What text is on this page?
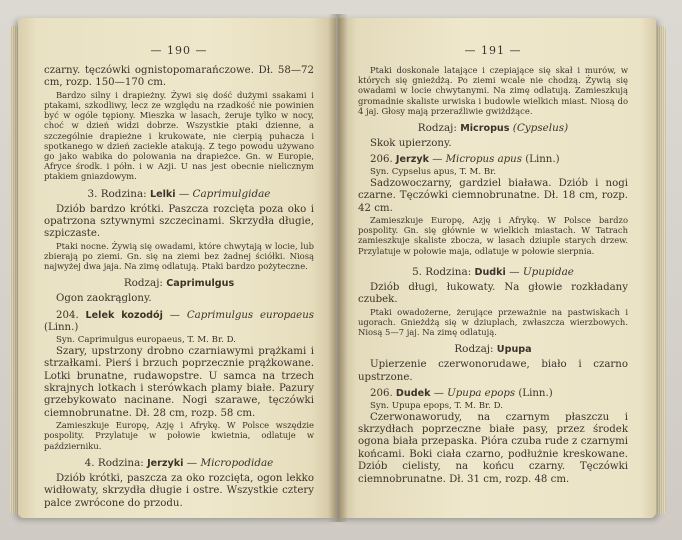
— 190 —

czarny. tęczówki ognistopomarańczowe. Dł. 58—72 cm, rozp. 150—170 cm.

Bardzo silny i drapieżny. Żywi się dość dużymi ssakami i ptakami, szkodliwy, lecz ze względu na rzadkość nie powinien być w ogóle tępiony. Mieszka w lasach, żeruje tylko w nocy, choć w dzień widzi dobrze. Wszystkie ptaki dzienne, a szczególnie drapieżne i krukowate, nie cierpią puhacza i spotkanego w dzień zaciekle atakują. Z tego powodu używano go jako wabika do polowania na drapieżce. Gn. w Europie, Afryce środk. i półn. i w Azji. U nas jest obecnie nielicznym ptakiem gniazdowym.

3. Rodzina: Lelki — Caprimulgidae

Dziób bardzo krótki. Paszcza rozcięta poza oko i opatrzona sztywnymi szczecinami. Skrzydła długie, szpiczaste.

Ptaki nocne. Żywią się owadami, które chwytają w locie, lub zbierają po ziemi. Gn. się na ziemi bez żadnej ściółki. Niosą najwyżej dwa jaja. Na zimę odlatują. Ptaki bardzo pożyteczne.

Rodzaj: Caprimulgus

Ogon zaokrąglony.

204. Lelek kozodój — Caprimulgus europaeus (Linn.)

Syn. Caprimulgus europaeus, T. M. Br. D.

Szary, upstrzony drobno czarniawymi prążkami i strzałkami. Pierś i brzuch poprzecznie prążkowane. Lotki brunatne, rudawopstre. U samca na trzech skrajnych lotkach i sterówkach plamy białe. Pazury grzebykowato nacinane. Nogi szarawe, tęczówki ciemnobrunatne. Dł. 28 cm, rozp. 58 cm.

Zamieszkuje Europę, Azję i Afrykę. W Polsce wszędzie pospolity. Przylatuje w połowie kwietnia, odlatuje w październiku.

4. Rodzina: Jerzyki — Micropodidae

Dziób krótki, paszcza za oko rozcięta, ogon lekko widłowaty, skrzydła długie i ostre. Wszystkie cztery palce zwrócone do przodu.

— 191 —

Ptaki doskonale latające i czepiające się skał i murów, w których się gnieżdżą. Po ziemi wcale nie chodzą. Żywią się owadami w locie chwytanymi. Na zimę odlatują. Zamieszkują gromadnie skaliste urwiska i budowle wielkich miast. Niosą do 4 jaj. Głosy mają przeraźliwie gwiżdżące.

Rodzaj: Micropus (Cypselus)

Skok upierzony.

206. Jerzyk — Micropus apus (Linn.)

Syn. Cypselus apus, T. M. Br.

Sadzowoczarny, gardziel biaława. Dziób i nogi czarne. Tęczówki ciemnobrunatne. Dł. 18 cm, rozp. 42 cm.

Zamieszkuje Europę, Azję i Afrykę. W Polsce bardzo pospolity. Gn. się głównie w wielkich miastach. W Tatrach zamieszkuje skaliste zbocza, w lasach dziuple starych drzew. Przylatuje w połowie maja, odlatuje w połowie sierpnia.

5. Rodzina: Dudki — Upupidae

Dziób długi, łukowaty. Na głowie rozkładany czubek.

Ptaki owadożerne, żerujące przeważnie na pastwiskach i ugorach. Gnieżdżą się w dziuplach, zwłaszcza wierzbowych. Niosą 5—7 jaj. Na zimę odlatują.

Rodzaj: Upupa

Upierzenie czerwonorudawe, biało i czarno upstrzone.

206. Dudek — Upupa epops (Linn.)

Syn. Upupa epops, T. M. Br. D.

Czerwonaworudy, na czarnym płaszczu i skrzydłach poprzeczne białe pasy, przez środek ogona biała przepaska. Pióra czuba rude z czarnymi końcami. Boki ciała czarno, podłużnie kreskowane. Dziób cielisty, na końcu czarny. Tęczówki ciemnobrunatne. Dł. 31 cm, rozp. 48 cm.
